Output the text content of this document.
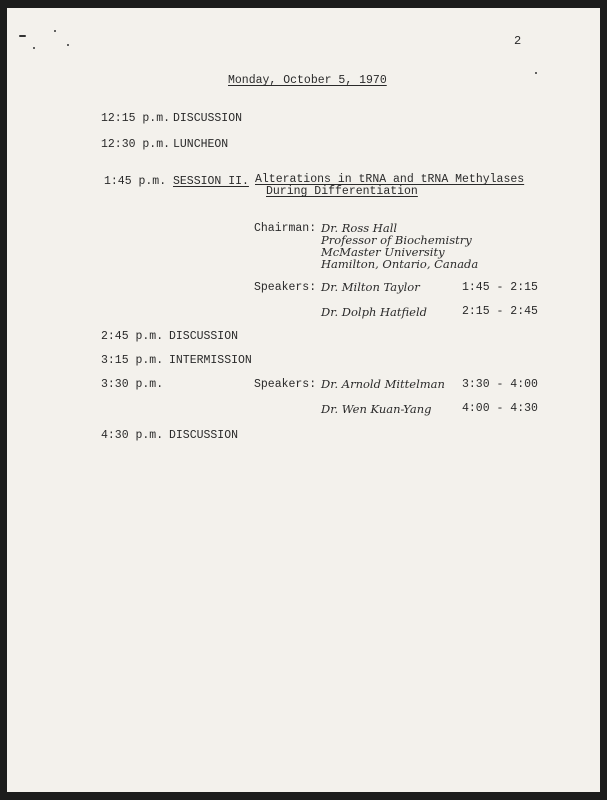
2
Monday, October 5, 1970
12:15 p.m. DISCUSSION
12:30 p.m. LUNCHEON
1:45 p.m. SESSION II. Alterations in tRNA and tRNA Methylases
During Differentiation
Chairman: Dr. Ross Hall
Professor of Biochemistry
McMaster University
Hamilton, Ontario, Canada
Speakers: Dr. Milton Taylor	1:45 - 2:15
Dr. Dolph Hatfield	2:15 - 2:45
2:45 p.m. DISCUSSION
3:15 p.m. INTERMISSION
3:30 p.m.	Speakers: Dr. Arnold Mittelman 3:30 - 4:00
Dr. Wen Kuan-Yang	4:00 - 4:30
4:30 p.m. DISCUSSION
